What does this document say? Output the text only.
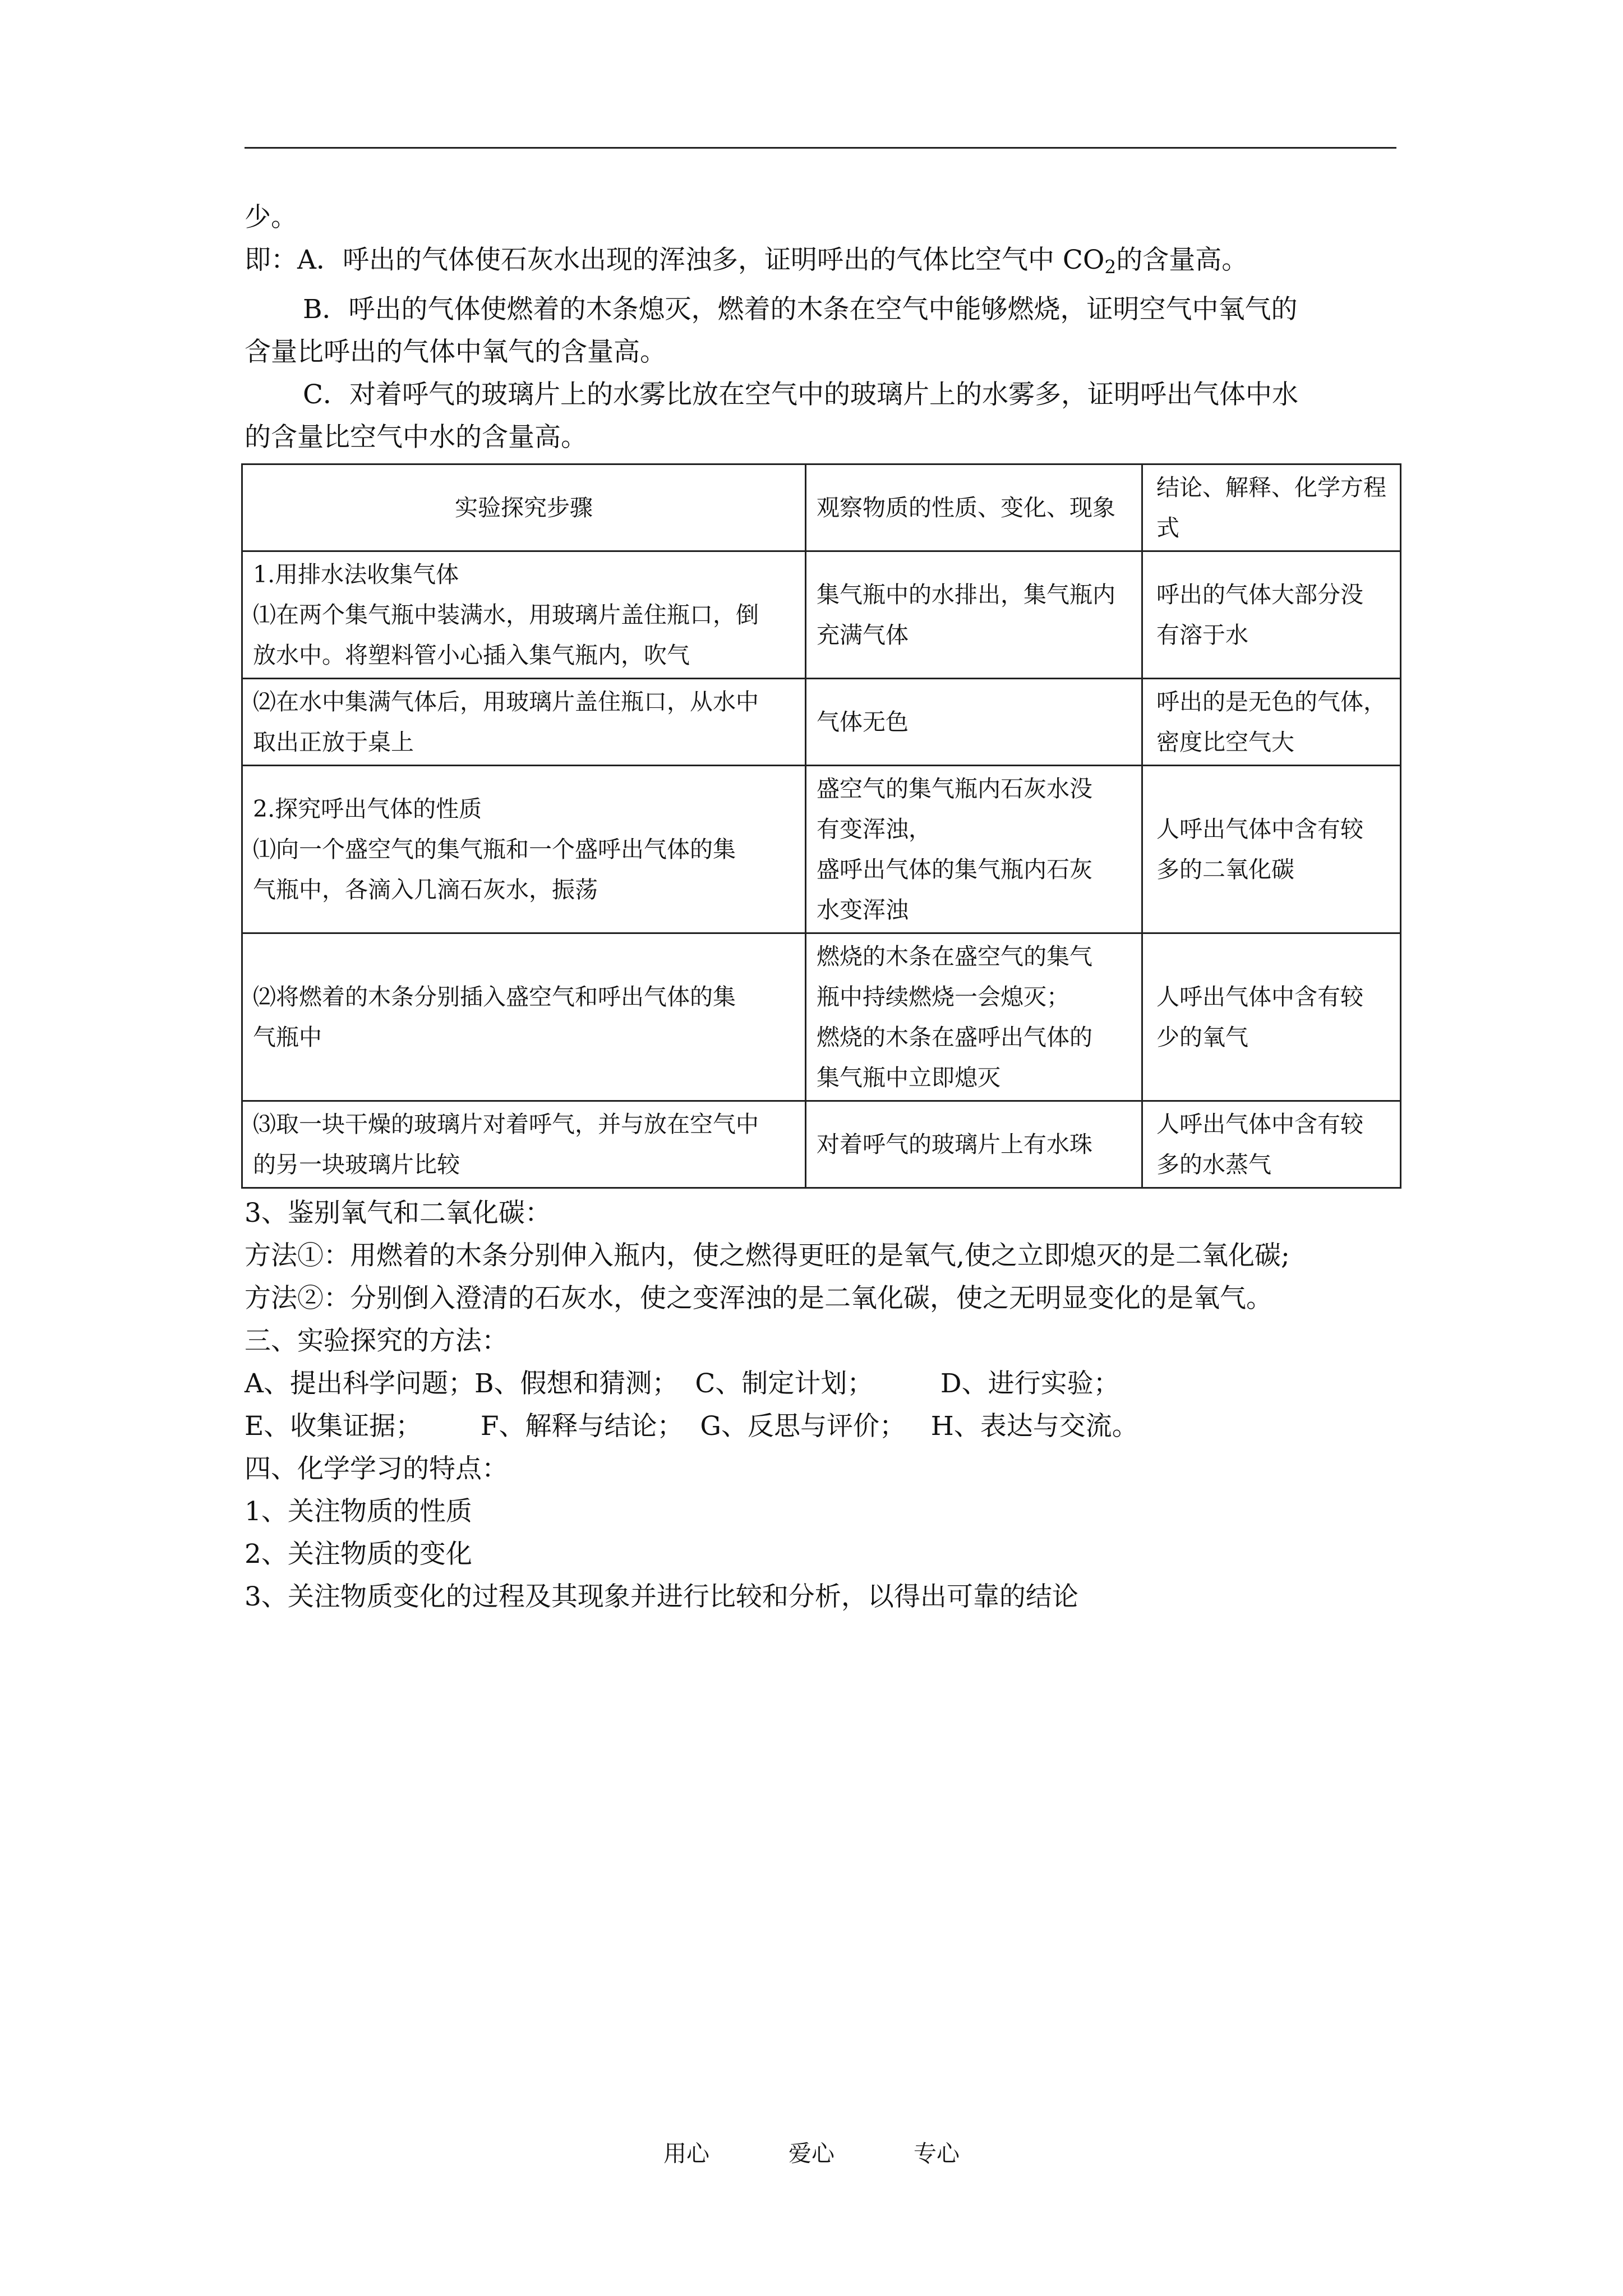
少。

即：A．呼出的气体使石灰水出现的浑浊多，证明呼出的气体比空气中 $CO_2$的含量高。

B．呼出的气体使燃着的木条熄灭，燃着的木条在空气中能够燃烧，证明空气中氧气的

含量比呼出的气体中氧气的含量高。

C．对着呼气的玻璃片上的水雾比放在空气中的玻璃片上的水雾多，证明呼出气体中水

的含量比空气中水的含量高。

实验探究步骤	观察物质的性质、变化、现象	结论、解释、化学方程式

1.用排水法收集气体
⑴在两个集气瓶中装满水，用玻璃片盖住瓶口，倒
放水中。将塑料管小心插入集气瓶内，吹气	集气瓶中的水排出，集气瓶内
充满气体	呼出的气体大部分没
有溶于水

⑵在水中集满气体后，用玻璃片盖住瓶口，从水中
取出正放于桌上	气体无色	呼出的是无色的气体，
密度比空气大

2.探究呼出气体的性质
⑴向一个盛空气的集气瓶和一个盛呼出气体的集
气瓶中，各滴入几滴石灰水，振荡	盛空气的集气瓶内石灰水没
有变浑浊，
盛呼出气体的集气瓶内石灰
水变浑浊	人呼出气体中含有较
多的二氧化碳

⑵将燃着的木条分别插入盛空气和呼出气体的集
气瓶中	燃烧的木条在盛空气的集气
瓶中持续燃烧一会熄灭；
燃烧的木条在盛呼出气体的
集气瓶中立即熄灭	人呼出气体中含有较
少的氧气

⑶取一块干燥的玻璃片对着呼气，并与放在空气中
的另一块玻璃片比较	对着呼气的玻璃片上有水珠	人呼出气体中含有较
多的水蒸气

3、鉴别氧气和二氧化碳：

方法①：用燃着的木条分别伸入瓶内，使之燃得更旺的是氧气,使之立即熄灭的是二氧化碳;

方法②：分别倒入澄清的石灰水，使之变浑浊的是二氧化碳，使之无明显变化的是氧气。

三、实验探究的方法：

A、提出科学问题；B、假想和猜测； C、制定计划；	D、进行实验；

E、收集证据； F、解释与结论； G、反思与评价； H、表达与交流。

四、化学学习的特点：

1、关注物质的性质

2、关注物质的变化

3、关注物质变化的过程及其现象并进行比较和分析，以得出可靠的结论

用心	爱心	专心
